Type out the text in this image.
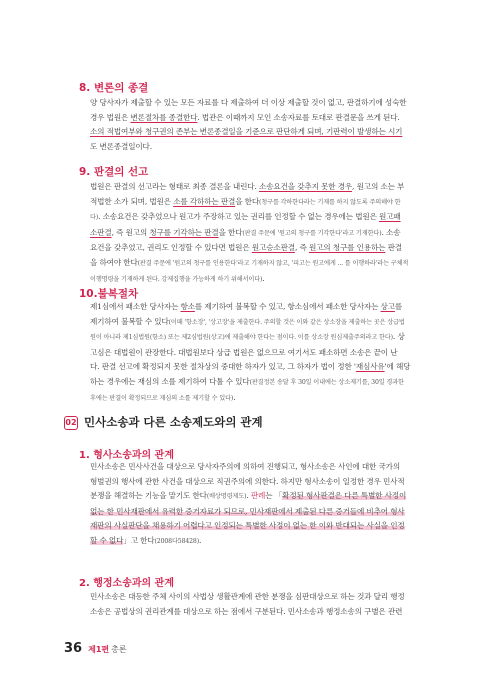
8. 변론의 종결

양 당사자가 제출할 수 있는 모든 자료를 다 제출하여 더 이상 제출할 것이 없고, 판결하기에 성숙한
경우 법원은 변론절차를 종결한다. 법관은 이때까지 모인 소송자료를 토대로 판결문을 쓰게 된다.
소의 적법여부와 청구권의 존부는 변론종결일을 기준으로 판단하게 되며, 기판력이 발생하는 시기
도 변론종결일이다.

9. 판결의 선고

법원은 판결의 선고라는 형태로 최종 결론을 내린다. 소송요건을 갖추지 못한 경우, 원고의 소는 부
적법한 소가 되며, 법원은 소를 각하하는 판결을 한다(청구를 각하한다라는 기재를 하지 않도록 주의해야 한
다). 소송요건은 갖추었으나 원고가 주장하고 있는 권리를 인정할 수 없는 경우에는 법원은 원고패
소판결, 즉 원고의 청구를 기각하는 판결을 한다(판결 주문에 '원고의 청구를 기각한다'라고 기재한다). 소송
요건을 갖추었고, 권리도 인정할 수 있다면 법원은 원고승소판결, 즉 원고의 청구를 인용하는 판결
을 하여야 한다(판결 주문에 '원고의 청구를 인용한다'라고 기재하지 않고, '피고는 원고에게 ... 를 이행하라'라는 구체적
이행명령을 기재하게 된다. 강제집행을 가능하게 하기 위해서이다).

10.불복절차

제1심에서 패소한 당사자는 항소를 제기하여 불복할 수 있고, 항소심에서 패소한 당사자는 상고를
제기하여 불복할 수 있다(이때 '항소장', '상고장'을 제출한다. 주의할 것은 이와 같은 상소장을 제출하는 곳은 상급법
원이 아니라 제1심법원(항소) 또는 제2심법원(상고)에 제출해야 한다는 점이다. 이를 상소장 원심제출주의라고 한다). 상
고심은 대법원이 관장한다. 대법원보다 상급 법원은 없으므로 여기서도 패소하면 소송은 끝이 난
다. 판결 선고에 확정되지 못한 절차상의 중대한 하자가 있고, 그 하자가 법이 정한 '재심사유'에 해당
하는 경우에는 재심의 소를 제기하여 다툴 수 있다(판결정본 송달 후 30일 이내에는 상소제기를, 30일 경과한
후에는 판결이 확정되므로 재심의 소를 제기할 수 있다).

02 민사소송과 다른 소송제도와의 관계
1. 형사소송과의 관계

민사소송은 민사사건을 대상으로 당사자주의에 의하여 진행되고, 형사소송은 사인에 대한 국가의
형벌권의 행사에 관한 사건을 대상으로 직권주의에 의한다. 하지만 형사소송이 일정한 경우 민사적
분쟁을 해결하는 기능을 맡기도 한다(배상명령제도). 판례는 「확정된 형사판결은 다른 특별한 사정이
없는 한 민사재판에서 유력한 증거자료가 되므로, 민사재판에서 제출된 다른 증거들에 비추어 형사
재판의 사실판단을 채용하기 어렵다고 인정되는 특별한 사정이 없는 한 이와 반대되는 사실을 인정
할 수 없다」고 한다(2008다58428).

2. 행정소송과의 관계

민사소송은 대등한 주체 사이의 사법상 생활관계에 관한 분쟁을 심판대상으로 하는 것과 달리 행정
소송은 공법상의 권리관계를 대상으로 하는 점에서 구분된다. 민사소송과 행정소송의 구별은 관련

36 제1편 총론
